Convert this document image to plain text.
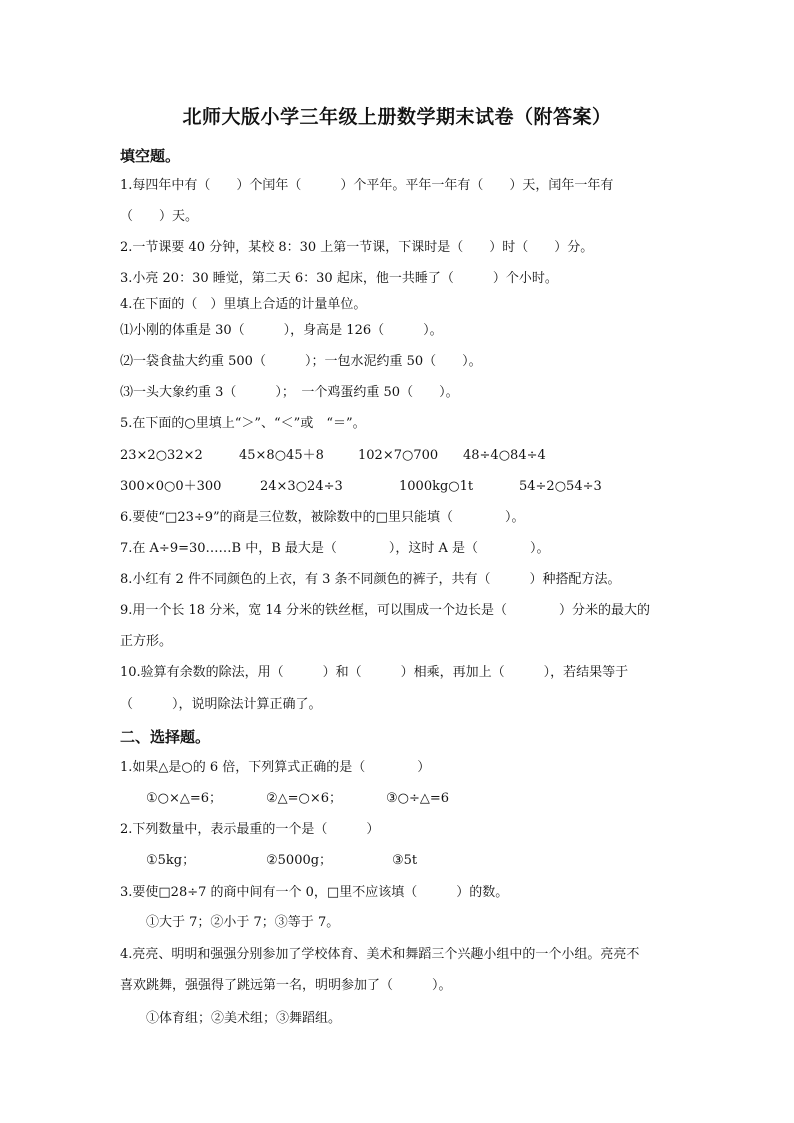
北师大版小学三年级上册数学期末试卷（附答案）
填空题。
1.每四年中有（　　）个闰年（　　　）个平年。平年一年有（　　）天，闰年一年有
（　　）天。
2.一节课要 40 分钟，某校 8：30 上第一节课，下课时是（　　）时（　　）分。
3.小亮 20：30 睡觉，第二天 6：30 起床，他一共睡了（　　　）个小时。
4.在下面的（　）里填上合适的计量单位。
⑴小刚的体重是 30（　　　），身高是 126（　　　）。
⑵一袋食盐大约重 500（　　　）；一包水泥约重 50（　　）。
⑶一头大象约重 3（　　　）；　一个鸡蛋约重 50（　　）。
5.在下面的○里填上“＞”、“＜”或　“＝”。
23×2○32×2	45×8○45＋8	102×7○700 48÷4○84÷4
300×0○0＋300	24×3○24÷3	1000kg○1t	54÷2○54÷3
6.要使“□23÷9”的商是三位数，被除数中的□里只能填（　　　　）。
7.在 A÷9=30……B 中，B 最大是（　　　　），这时 A 是（　　　　）。
8.小红有 2 件不同颜色的上衣，有 3 条不同颜色的裤子，共有（　　　）种搭配方法。
9.用一个长 18 分米，宽 14 分米的铁丝框，可以围成一个边长是（　　　　）分米的最大的
正方形。
10.验算有余数的除法，用（　　　）和（　　　）相乘，再加上（　　　），若结果等于
（　　　），说明除法计算正确了。
二、选择题。
1.如果△是○的 6 倍，下列算式正确的是（　　　　）
①○×△=6；	②△=○×6；	③○÷△=6
2.下列数量中，表示最重的一个是（　　　）
①5kg；	②5000g；	③5t
3.要使□28÷7 的商中间有一个 0，□里不应该填（　　　）的数。
①大于 7；②小于 7；③等于 7。
4.亮亮、明明和强强分别参加了学校体育、美术和舞蹈三个兴趣小组中的一个小组。亮亮不
喜欢跳舞，强强得了跳远第一名，明明参加了（　　　）。
①体育组；②美术组；③舞蹈组。
